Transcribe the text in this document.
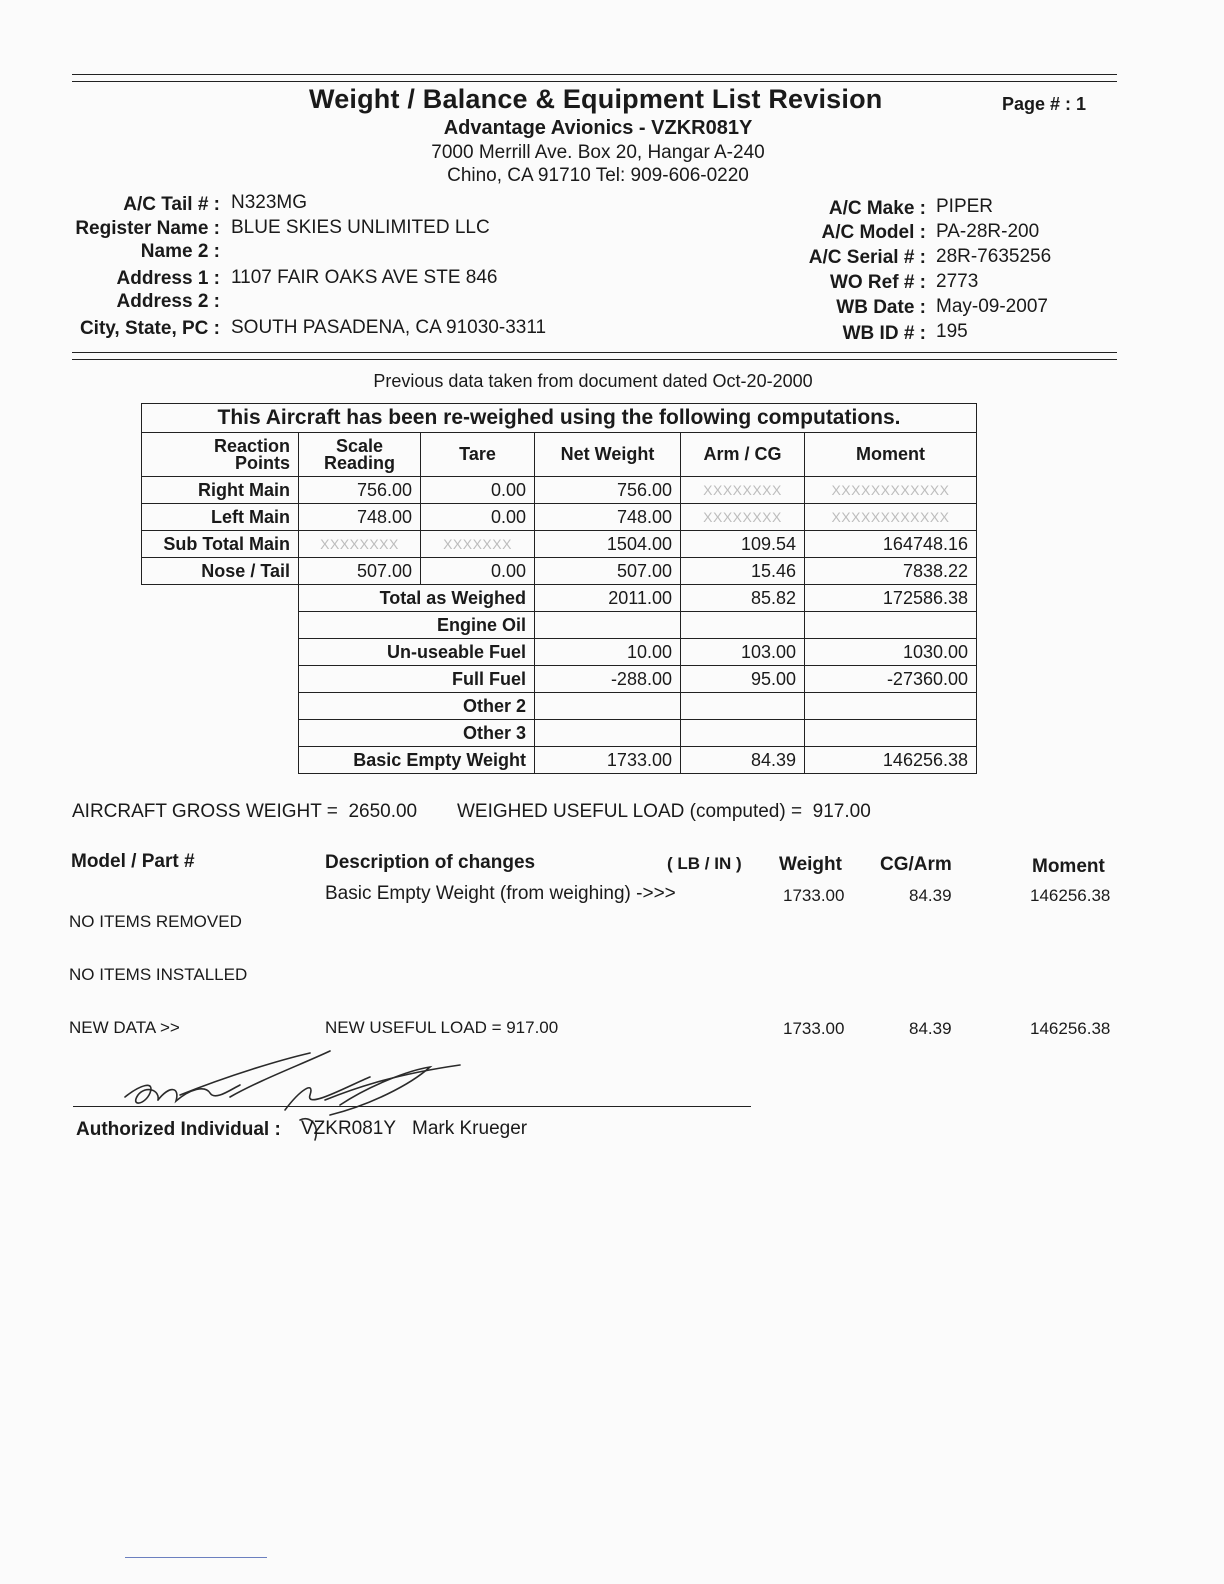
Weight / Balance & Equipment List Revision	Page # : 1
Advantage Avionics - VZKR081Y
7000 Merrill Ave. Box 20, Hangar A-240
Chino, CA 91710 Tel: 909-606-0220
A/C Tail # : N323MG
Register Name : BLUE SKIES UNLIMITED LLC
Name 2 :
Address 1 : 1107 FAIR OAKS AVE STE 846
Address 2 :
City, State, PC : SOUTH PASADENA, CA 91030-3311
A/C Make : PIPER
A/C Model : PA-28R-200
A/C Serial # : 28R-7635256
WO Ref # : 2773
WB Date : May-09-2007
WB ID # : 195
Previous data taken from document dated Oct-20-2000
This Aircraft has been re-weighed using the following computations.					
Reaction
Points	Scale
Reading	Tare	Net Weight	Arm / CG	Moment
Right Main	756.00	0.00	756.00	XXXXXXXX	XXXXXXXXXXXX
Left Main	748.00	0.00	748.00	XXXXXXXX	XXXXXXXXXXXX
Sub Total Main	XXXXXXXX	XXXXXXX	1504.00	109.54	164748.16
Nose / Tail	507.00	0.00	507.00	15.46	7838.22
	Total as Weighed		2011.00	85.82	172586.38
	Engine Oil				
	Un-useable Fuel		10.00	103.00	1030.00
	Full Fuel		-288.00	95.00	-27360.00
	Other 2				
	Other 3				
	Basic Empty Weight		1733.00	84.39	146256.38
AIRCRAFT GROSS WEIGHT = 2650.00 WEIGHED USEFUL LOAD (computed) = 917.00
Model / Part #	Description of changes	( LB / IN ) Weight CG/Arm	Moment
Basic Empty Weight (from weighing) ->>>	1733.00	84.39	146256.38
NO ITEMS REMOVED
NO ITEMS INSTALLED
NEW DATA >>	NEW USEFUL LOAD = 917.00	1733.00	84.39	146256.38
Authorized Individual : VZKR081Y Mark Krueger
